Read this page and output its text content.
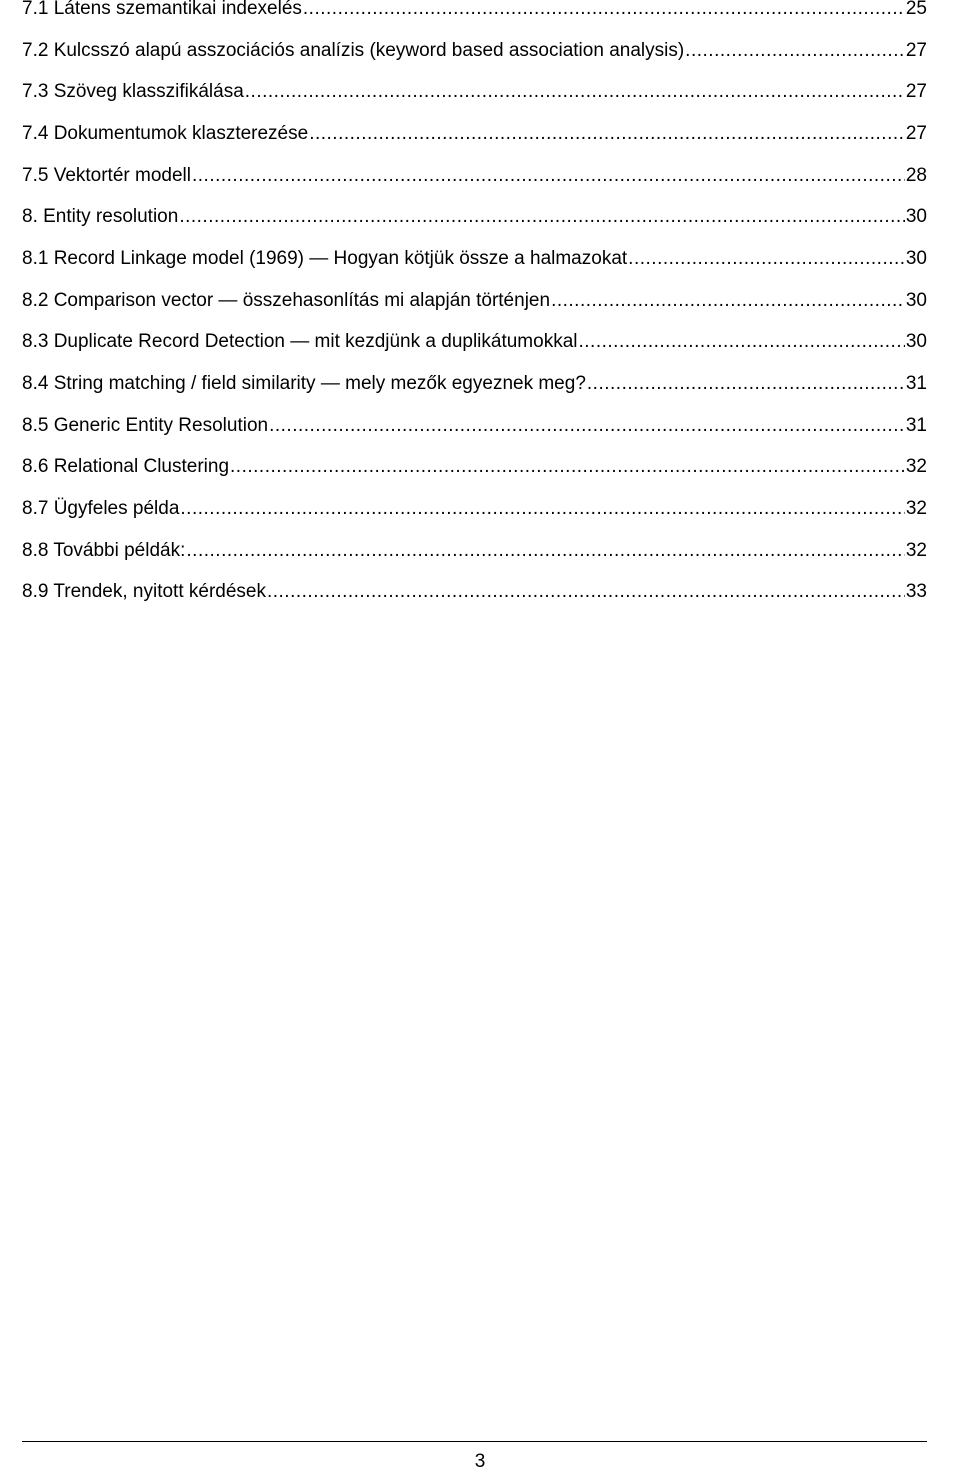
7.1 Látens szemantikai indexelés .....	25
7.2 Kulcsszó alapú asszociációs analízis (keyword based association analysis) .....	27
7.3 Szöveg klasszifikálása .....	27
7.4 Dokumentumok klaszterezése .....	27
7.5 Vektortér modell .....	28
8. Entity resolution .....	30
8.1 Record Linkage model (1969) — Hogyan kötjük össze a halmazokat .....	30
8.2 Comparison vector — összehasonlítás mi alapján történjen .....	30
8.3 Duplicate Record Detection — mit kezdjünk a duplikátumokkal .....	30
8.4 String matching / field similarity — mely mezők egyeznek meg? .....	31
8.5 Generic Entity Resolution .....	31
8.6 Relational Clustering .....	32
8.7 Ügyfeles példa .....	32
8.8 További példák: .....	32
8.9 Trendek, nyitott kérdések .....	33
3
